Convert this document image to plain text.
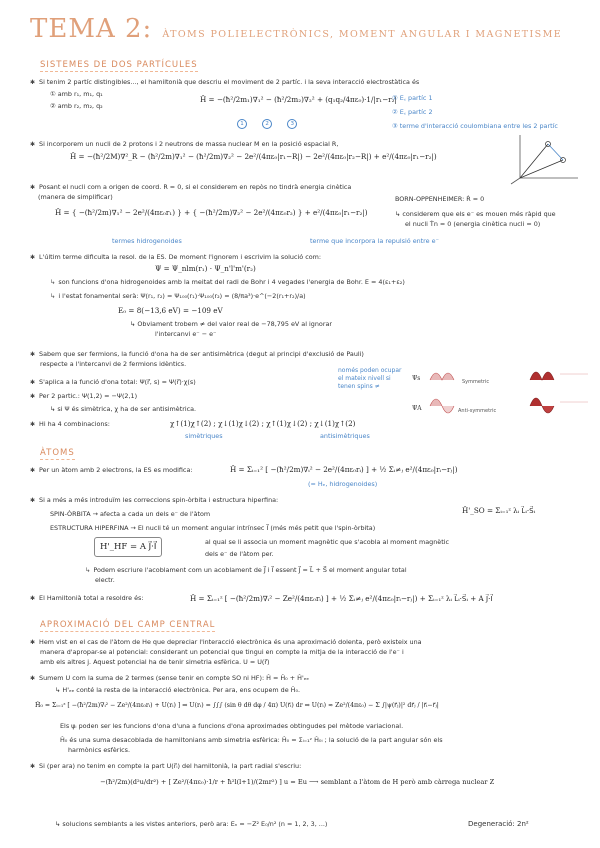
TEMA 2: ÀTOMS POLIELECTRÒNICS, MOMENT ANGULAR I MAGNETISME
SISTEMES DE DOS PARTÍCULES
✱ Si tenim 2 partíc distingibles..., el hamiltonià que descriu el moviment de 2 partíc. i la seva interacció electrostàtica és
① amb r₁, m₁, q₁
② amb r₂, m₂, q₂
Ĥ = −(ħ²/2m₁)∇₁² − (ħ²/2m₂)∇₂² + (q₁q₂/4πε₀)·1/|r₁−r₂|
① E꜀ partíc 1
② E꜀ partíc 2
③ terme d'interacció coulombiana entre les 2 partíc
1	2	3
✱ Si incorporem un nucli de 2 protons i 2 neutrons de massa nuclear M en la posició espacial R,
Ĥ = −(ħ²/2M)∇²_R − (ħ²/2m)∇₁² − (ħ²/2m)∇₂² − 2e²/(4πε₀|r₁−R|) − 2e²/(4πε₀|r₂−R|) + e²/(4πε₀|r₁−r₂|)
✱ Posant el nucli com a origen de coord. R = 0, si el considerem en repòs no tindrà energia cinètica
(manera de simplificar)	BORN-OPPENHEIMER: Ṙ = 0
Ĥ = { −(ħ²/2m)∇₁² − 2e²/(4πε₀r₁) } + { −(ħ²/2m)∇₂² − 2e²/(4πε₀r₂) } + e²/(4πε₀|r₁−r₂|)	↳ considerem que els e⁻ es mouen més ràpid que
el nucli Ṫn = 0 (energia cinètica nucli = 0)
termes hidrogenoides	terme que incorpora la repulsió entre e⁻
✱ L'últim terme dificulta la resol. de la ES. De moment l'ignorem i escrivim la solució com:
Ψ = Ψ_nlm(r₁) · Ψ_n'l'm'(r₂)
↳ son funcions d'ona hidrogenoides amb la meitat del radi de Bohr i 4 vegades l'energia de Bohr. E = 4(ε₁+ε₂)
↳ i l'estat fonamental serà: Ψ(r₁, r₂) = Ψ₁₀₀(r₁)·Ψ₁₀₀(r₂) = (8/πa³)·e^(−2(r₁+r₂)/a)
E₀ = 8(−13,6 eV) = −109 eV
↳ Obviament trobem ≠ del valor real de −78,795 eV al ignorar
l'intercanvi e⁻ − e⁻
✱ Sabem que ser fermions, la funció d'ona ha de ser antisimètrica (degut al principi d'exclusió de Pauli)
respecte a l'intercanvi de 2 fermions idèntics.
✱ S'aplica a la funció d'ona total: Ψ(r⃗, s) = Ψ(r⃗)·χ(s)
✱ Per 2 partic.: Ψ(1,2) = −Ψ(2,1)
↳ si Ψ és simètrica, χ ha de ser antisimètrica.
✱ Hi ha 4 combinacions:	χ↑(1)χ↑(2) ; χ↓(1)χ↓(2) ; χ↑(1)χ↓(2) ; χ↓(1)χ↑(2)
simètriques	antisimètriques
només poden ocupar el mateix nivell si tenen spins ≠
Ψs
ΨA
Symmetric
Anti-symmetric
ÀTOMS
✱ Per un àtom amb 2 electrons, la ES es modifica:	Ĥ = Σᵢ₌₁² [ −(ħ²/2m)∇ᵢ² − 2e²/(4πε₀rᵢ) ] + ½ Σᵢ≠ⱼ e²/(4πε₀|rᵢ−rⱼ|)
(= Hₑ, hidrogenoides)
✱ Si a més a més introduïm les correccions spin-òrbita i estructura hiperfina:
SPIN-ÒRBITA → afecta a cada un dels e⁻ de l'àtom	Ĥ'_SO = Σᵢ₌₁ᶻ λᵢ L⃗ᵢ·S⃗ᵢ
ESTRUCTURA HIPERFINA → El nucli té un moment angular intrínsec I⃗ (més més petit que l'spin-òrbita)
H'_HF = A J⃗·I⃗	al qual se li associa un moment magnètic que s'acobla al moment magnètic
dels e⁻ de l'àtom per.
↳ Podem escriure l'acoblament com un acoblament de J⃗ i I⃗ essent J⃗ = L⃗ + S⃗ el moment angular total
electr.
✱ El Hamiltonià total a resoldre és:	Ĥ = Σᵢ₌₁ᶻ [ −(ħ²/2m)∇ᵢ² − Ze²/(4πε₀rᵢ) ] + ½ Σᵢ≠ⱼ e²/(4πε₀|rᵢ−rⱼ|) + Σᵢ₌₁ᶻ λᵢ L⃗ᵢ·S⃗ᵢ + A J⃗·I⃗
APROXIMACIÓ DEL CAMP CENTRAL
✱ Hem vist en el cas de l'àtom de He que depreciar l'interacció electrònica és una aproximació dolenta, però existeix una
manera d'apropar-se al potencial: considerant un potencial que tingui en compte la mitja de la interacció de l'e⁻ i
amb els altres j. Aquest potencial ha de tenir simetria esfèrica. U = U(r⃗)
✱ Sumem U com la suma de 2 termes (sense tenir en compte SO ni HF): Ĥ = Ĥ₀ + Ĥ'ₑₑ
↳ H'ₑₑ conté la resta de la interacció electrònica. Per ara, ens ocupem de Ĥ₀.
Ĥ₀ = Σᵢ₌₁ᶻ [ −(ħ²/2m)∇ᵢ² − Ze²/(4πε₀rᵢ) + U(rᵢ) ] ⇒ U(rᵢ) = ∫∫∫ (sin θ dθ dφ / 4π) U(r⃗ᵢ) dr ⇒ U(rᵢ) ≈ Ze²/(4πε₀) − Σ ∫|ψ(r⃗ⱼ)|² dr⃗ⱼ / |r⃗ᵢ−r⃗ⱼ|
Els ψᵢ poden ser les funcions d'ona d'una a funcions d'ona aproximades obtingudes pel mètode variacional.
Ĥ₀ és una suma desacoblada de hamiltonians amb simetria esfèrica: Ĥ₀ = Σᵢ₌₁ᶻ Ĥ₀ᵢ ; la solució de la part angular són els
harmònics esfèrics.
✱ Si (per ara) no tenim en compte la part U(r⃗ᵢ) del hamiltonià, la part radial s'escriu:
−(ħ²/2m)(d²u/dr²) + [ Ze²/(4πε₀)·1/r + ħ²l(l+1)/(2mr²) ] u = Eu ⟶ semblant a l'àtom de H però amb càrrega nuclear Z
↳ solucions semblants a les vistes anteriors, però ara: Eₙ = −Z² E₀/n² (n = 1, 2, 3, ...)	Degeneració: 2n²
